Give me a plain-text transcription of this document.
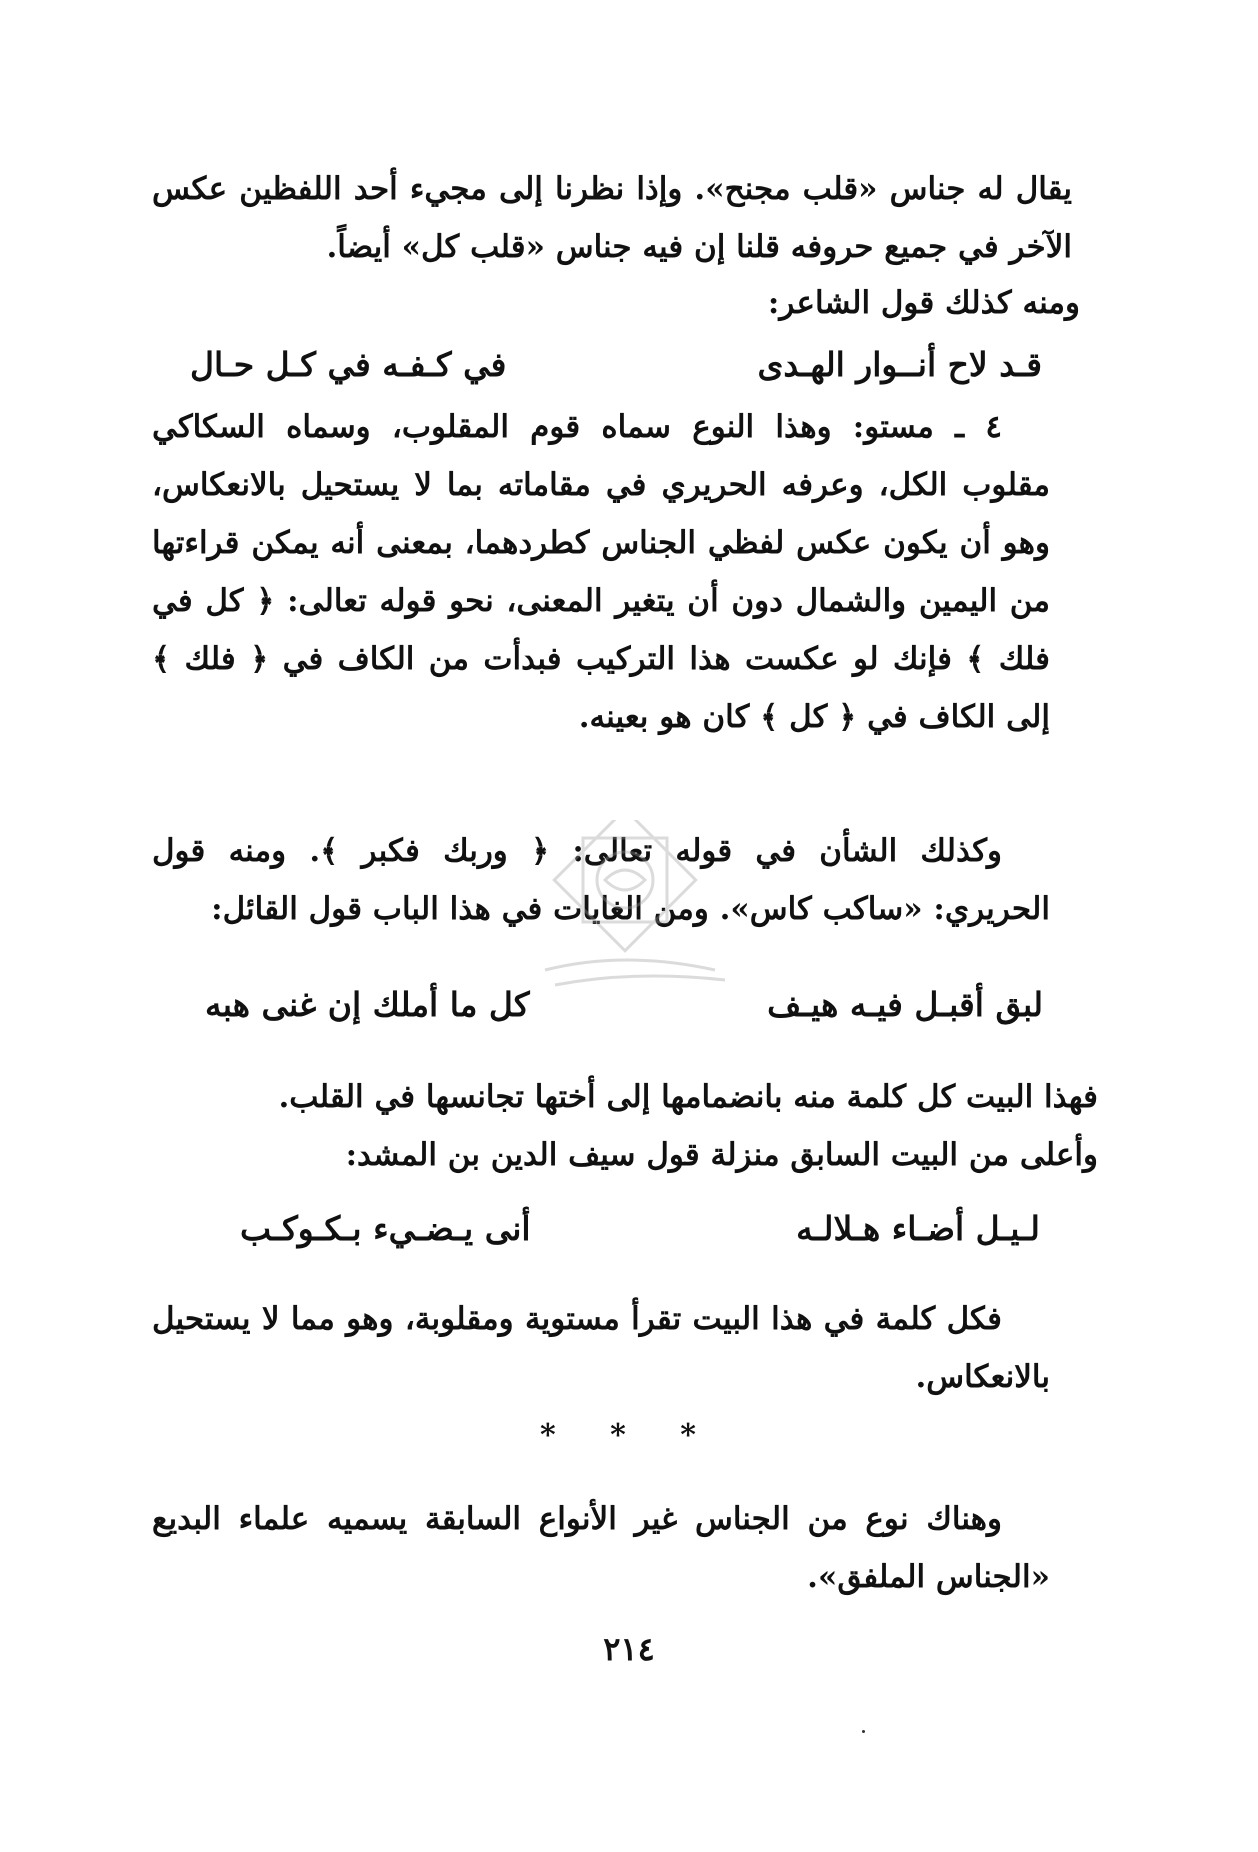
يقال له جناس «قلب مجنح». وإذا نظرنا إلى مجيء أحد اللفظين عكس الآخر في جميع حروفه قلنا إن فيه جناس «قلب كل» أيضاً.
ومنه كذلك قول الشاعر:
قـد لاح أنــوار الهـدى
في كـفـه في كـل حـال
٤ ـ مستو: وهذا النوع سماه قوم المقلوب، وسماه السكاكي مقلوب الكل، وعرفه الحريري في مقاماته بما لا يستحيل بالانعكاس، وهو أن يكون عكس لفظي الجناس كطردهما، بمعنى أنه يمكن قراءتها من اليمين والشمال دون أن يتغير المعنى، نحو قوله تعالى: ﴿ كل في فلك ﴾ فإنك لو عكست هذا التركيب فبدأت من الكاف في ﴿ فلك ﴾ إلى الكاف في ﴿ كل ﴾ كان هو بعينه.
وكذلك الشأن في قوله تعالى: ﴿ وربك فكبر ﴾. ومنه قول الحريري: «ساكب كاس». ومن الغايات في هذا الباب قول القائل:
لبق أقبـل فيـه هيـف
كل ما أملك إن غنى هبه
فهذا البيت كل كلمة منه بانضمامها إلى أختها تجانسها في القلب.
وأعلى من البيت السابق منزلة قول سيف الدين بن المشد:
لـيـل أضـاء هـلالـه
أنى يـضـيء بـكـوكـب
فكل كلمة في هذا البيت تقرأ مستوية ومقلوبة، وهو مما لا يستحيل بالانعكاس.
* * *
وهناك نوع من الجناس غير الأنواع السابقة يسميه علماء البديع «الجناس الملفق».
٢١٤
